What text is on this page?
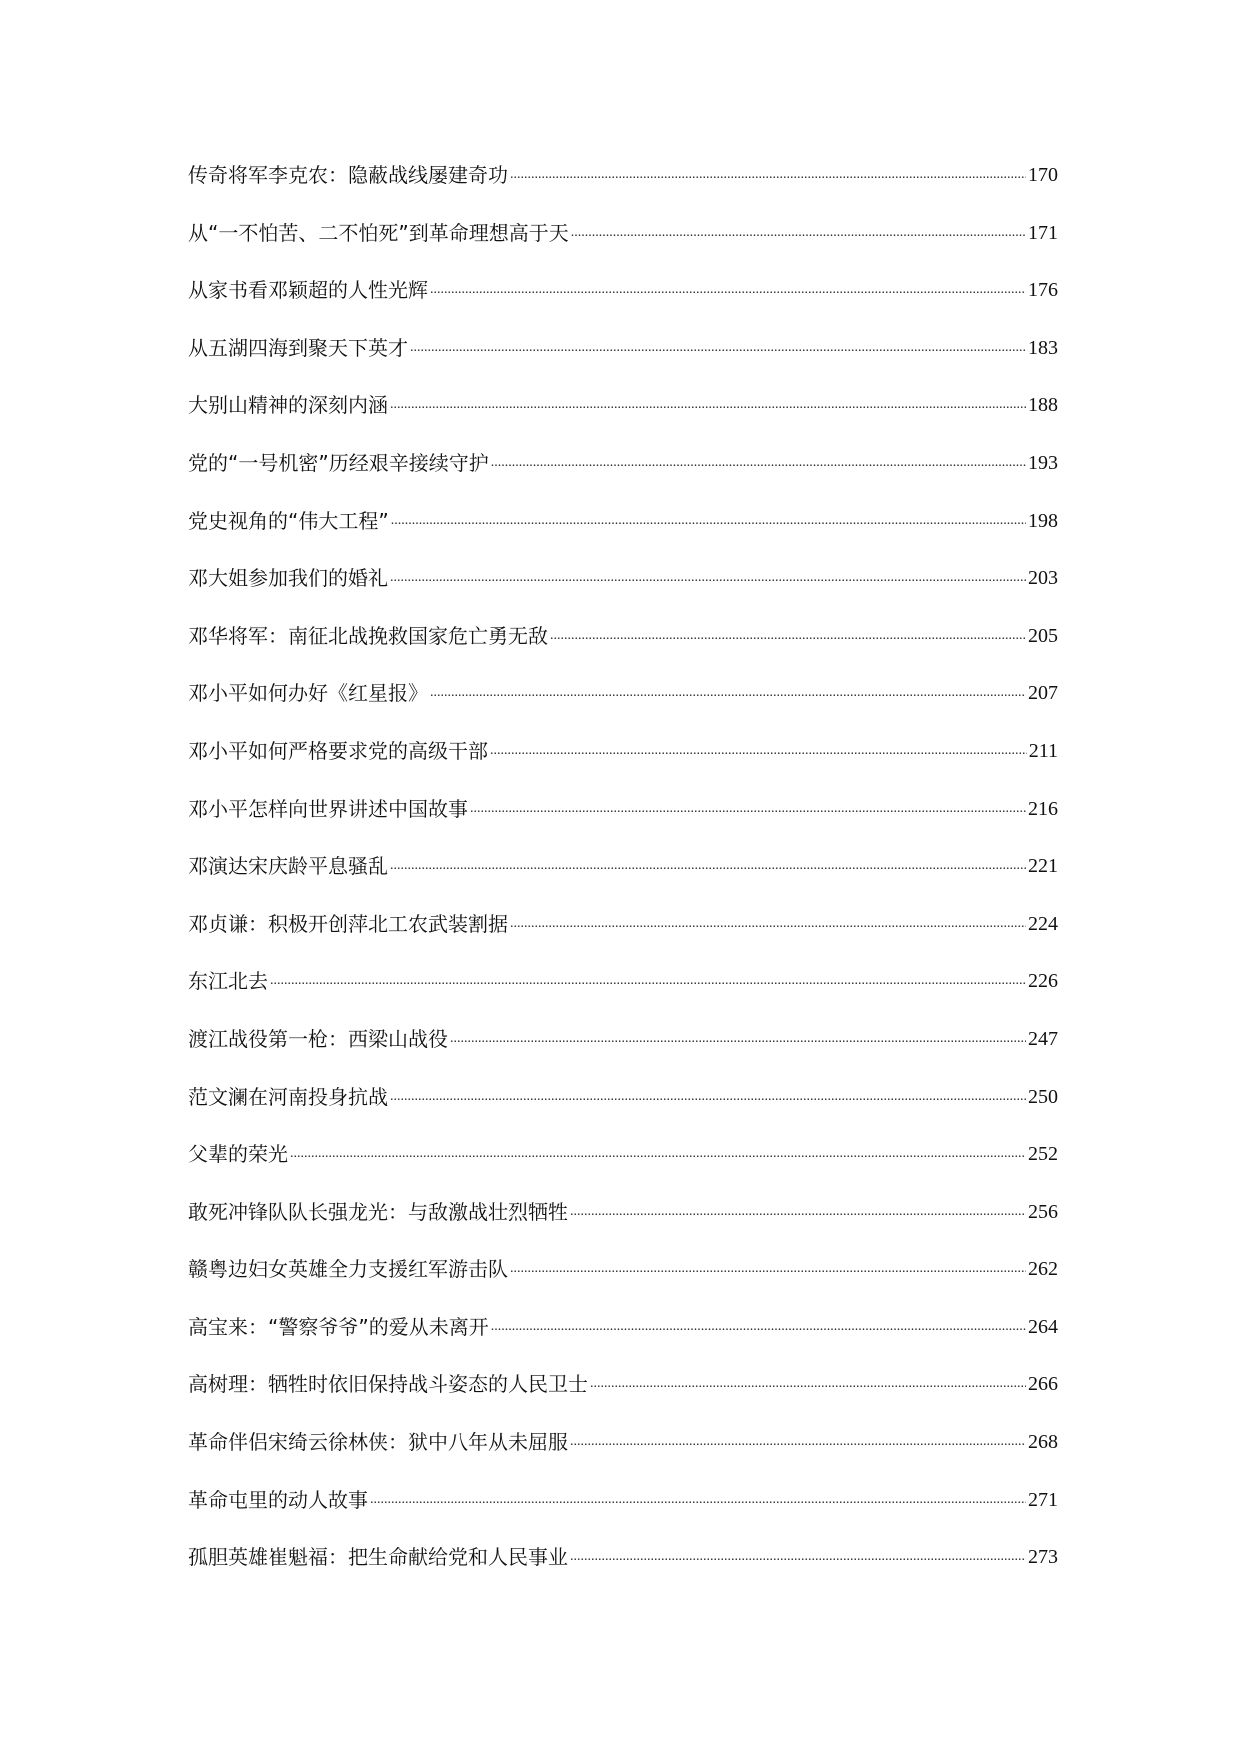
传奇将军李克农：隐蔽战线屡建奇功 .....	170
从“一不怕苦、二不怕死”到革命理想高于天 .....	171
从家书看邓颖超的人性光辉 .....	176
从五湖四海到聚天下英才 .....	183
大别山精神的深刻内涵 .....	188
党的“一号机密”历经艰辛接续守护 .....	193
党史视角的“伟大工程” .....	198
邓大姐参加我们的婚礼 .....	203
邓华将军：南征北战挽救国家危亡勇无敌 .....	205
邓小平如何办好《红星报》 .....	207
邓小平如何严格要求党的高级干部 .....	211
邓小平怎样向世界讲述中国故事 .....	216
邓演达宋庆龄平息骚乱 .....	221
邓贞谦：积极开创萍北工农武装割据 .....	224
东江北去 .....	226
渡江战役第一枪：西梁山战役 .....	247
范文澜在河南投身抗战 .....	250
父辈的荣光 .....	252
敢死冲锋队队长强龙光：与敌激战壮烈牺牲 .....	256
赣粤边妇女英雄全力支援红军游击队 .....	262
高宝来：“警察爷爷”的爱从未离开 .....	264
高树理：牺牲时依旧保持战斗姿态的人民卫士 .....	266
革命伴侣宋绮云徐林侠：狱中八年从未屈服 .....	268
革命屯里的动人故事 .....	271
孤胆英雄崔魁福：把生命献给党和人民事业 .....	273
